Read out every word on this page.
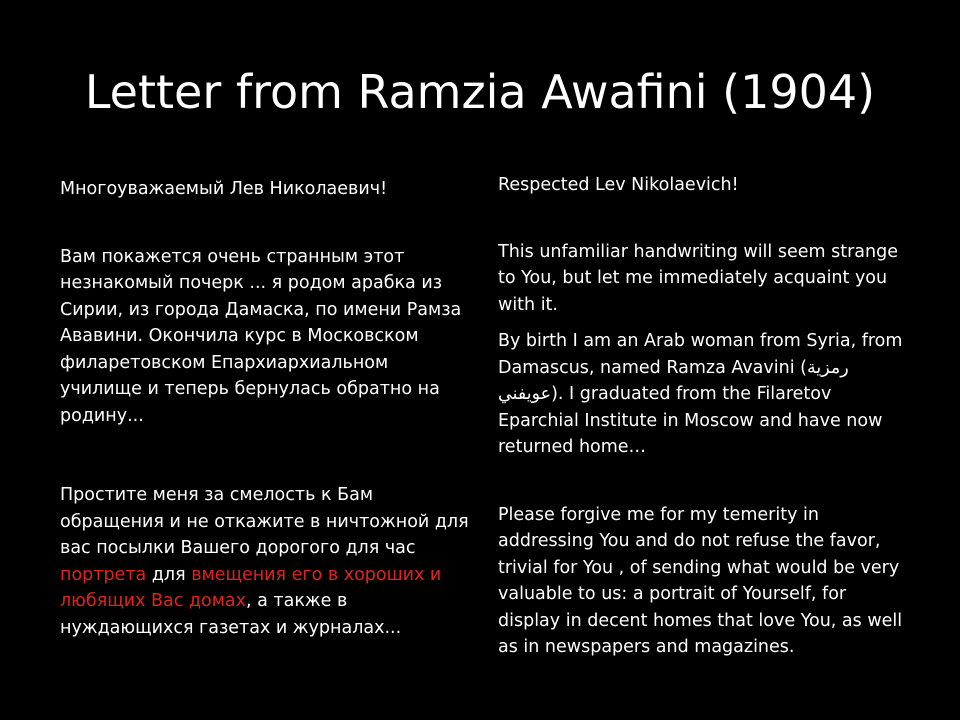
Letter from Ramzia Awafini (1904)

Многоуважаемый Лев Николаевич!

Вам покажется очень странным этот незнакомый почерк ... я родом арабка из Сирии, из города Дамаска, по имени Рамза Ававини. Окончила курс в Московском филаретовском Епархиархиальном училище и теперь бернулась обратно на родину...

Простите меня за смелость к Бам обращения и не откажите в ничтожной для вас посылки Вашего дорогого для час портрета для вмещения его в хороших и любящих Вас домах, а также в нуждающихся газетах и журналах...

Respected Lev Nikolaevich!

This unfamiliar handwriting will seem strange to You, but let me immediately acquaint you with it.

By birth I am an Arab woman from Syria, from Damascus, named Ramza Avavini (رمزية عويفني). I graduated from the Filaretov Eparchial Institute in Moscow and have now returned home…

Please forgive me for my temerity in addressing You and do not refuse the favor, trivial for You , of sending what would be very valuable to us: a portrait of Yourself, for display in decent homes that love You, as well as in newspapers and magazines.
